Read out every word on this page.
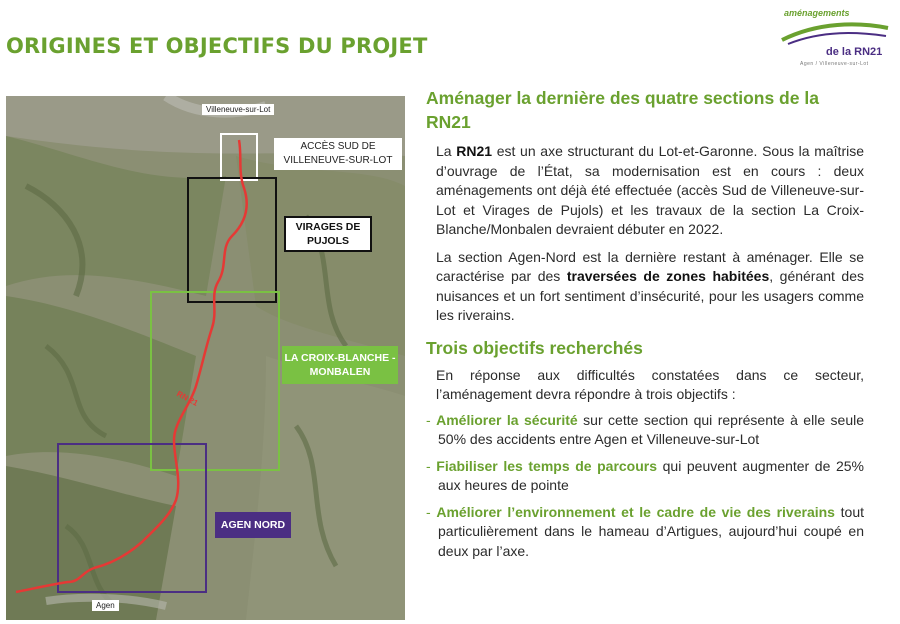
ORIGINES ET OBJECTIFS DU PROJET
aménagements
de la RN21
Agen / Villeneuve-sur-Lot
Villeneuve-sur-Lot
Agen
RN 21
ACCÈS SUD DE
VILLENEUVE-SUR-LOT
VIRAGES DE
PUJOLS
LA CROIX-BLANCHE -
MONBALEN
AGEN NORD
Aménager la dernière des quatre sections de la RN21

La RN21 est un axe structurant du Lot-et-Garonne. Sous la maîtrise d’ouvrage de l’État, sa modernisation est en cours : deux aménagements ont déjà été effectuée (accès Sud de Villeneuve-sur-Lot et Virages de Pujols) et les travaux de la section La Croix-Blanche/Monbalen devraient débuter en 2022.

La section Agen-Nord est la dernière restant à aménager. Elle se caractérise par des traversées de zones habitées, générant des nuisances et un fort sentiment d’insécurité, pour les usagers comme les riverains.

Trois objectifs recherchés

En réponse aux difficultés constatées dans ce secteur, l’aménagement devra répondre à trois objectifs :

- Améliorer la sécurité sur cette section qui représente à elle seule 50% des accidents entre Agen et Villeneuve-sur-Lot
- Fiabiliser les temps de parcours qui peuvent augmenter de 25% aux heures de pointe
- Améliorer l’environnement et le cadre de vie des riverains tout particulièrement dans le hameau d’Artigues, aujourd’hui coupé en deux par l’axe.
